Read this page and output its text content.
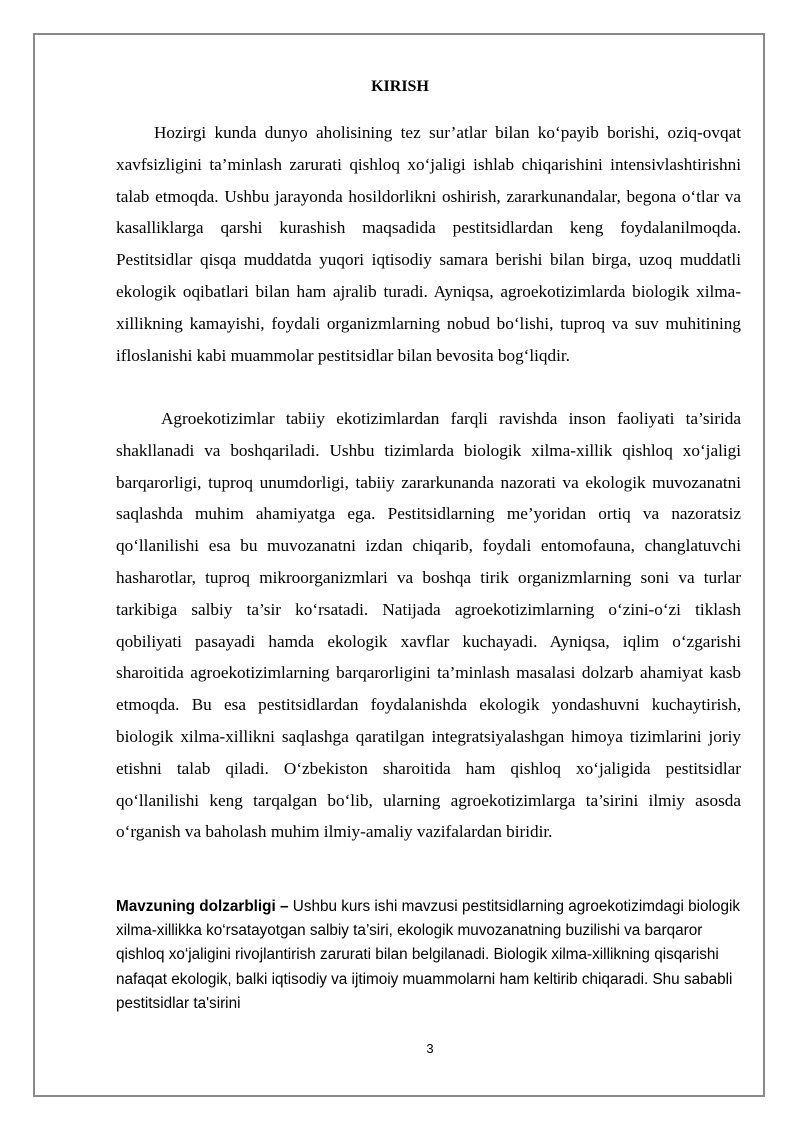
KIRISH

Hozirgi kunda dunyo aholisining tez sur’atlar bilan ko‘payib borishi, oziq-ovqat xavfsizligini ta’minlash zarurati qishloq xo‘jaligi ishlab chiqarishini intensivlashtirishni talab etmoqda. Ushbu jarayonda hosildorlikni oshirish, zararkunandalar, begona o‘tlar va kasalliklarga qarshi kurashish maqsadida pestitsidlardan keng foydalanilmoqda. Pestitsidlar qisqa muddatda yuqori iqtisodiy samara berishi bilan birga, uzoq muddatli ekologik oqibatlari bilan ham ajralib turadi. Ayniqsa, agroekotizimlarda biologik xilma-xillikning kamayishi, foydali organizmlarning nobud bo‘lishi, tuproq va suv muhitining ifloslanishi kabi muammolar pestitsidlar bilan bevosita bog‘liqdir.

Agroekotizimlar tabiiy ekotizimlardan farqli ravishda inson faoliyati ta’sirida shakllanadi va boshqariladi. Ushbu tizimlarda biologik xilma-xillik qishloq xo‘jaligi barqarorligi, tuproq unumdorligi, tabiiy zararkunanda nazorati va ekologik muvozanatni saqlashda muhim ahamiyatga ega. Pestitsidlarning me’yoridan ortiq va nazoratsiz qo‘llanilishi esa bu muvozanatni izdan chiqarib, foydali entomofauna, changlatuvchi hasharotlar, tuproq mikroorganizmlari va boshqa tirik organizmlarning soni va turlar tarkibiga salbiy ta’sir ko‘rsatadi. Natijada agroekotizimlarning o‘zini-o‘zi tiklash qobiliyati pasayadi hamda ekologik xavflar kuchayadi. Ayniqsa, iqlim o‘zgarishi sharoitida agroekotizimlarning barqarorligini ta’minlash masalasi dolzarb ahamiyat kasb etmoqda. Bu esa pestitsidlardan foydalanishda ekologik yondashuvni kuchaytirish, biologik xilma-xillikni saqlashga qaratilgan integratsiyalashgan himoya tizimlarini joriy etishni talab qiladi. O‘zbekiston sharoitida ham qishloq xo‘jaligida pestitsidlar qo‘llanilishi keng tarqalgan bo‘lib, ularning agroekotizimlarga ta’sirini ilmiy asosda o‘rganish va baholash muhim ilmiy-amaliy vazifalardan biridir.

Mavzuning dolzarbligi – Ushbu kurs ishi mavzusi pestitsidlarning agroekotizimdagi biologik xilma-xillikka ko‘rsatayotgan salbiy ta’siri, ekologik muvozanatning buzilishi va barqaror qishloq xo‘jaligini rivojlantirish zarurati bilan belgilanadi. Biologik xilma-xillikning qisqarishi nafaqat ekologik, balki iqtisodiy va ijtimoiy muammolarni ham keltirib chiqaradi. Shu sababli pestitsidlar ta'sirini

3
